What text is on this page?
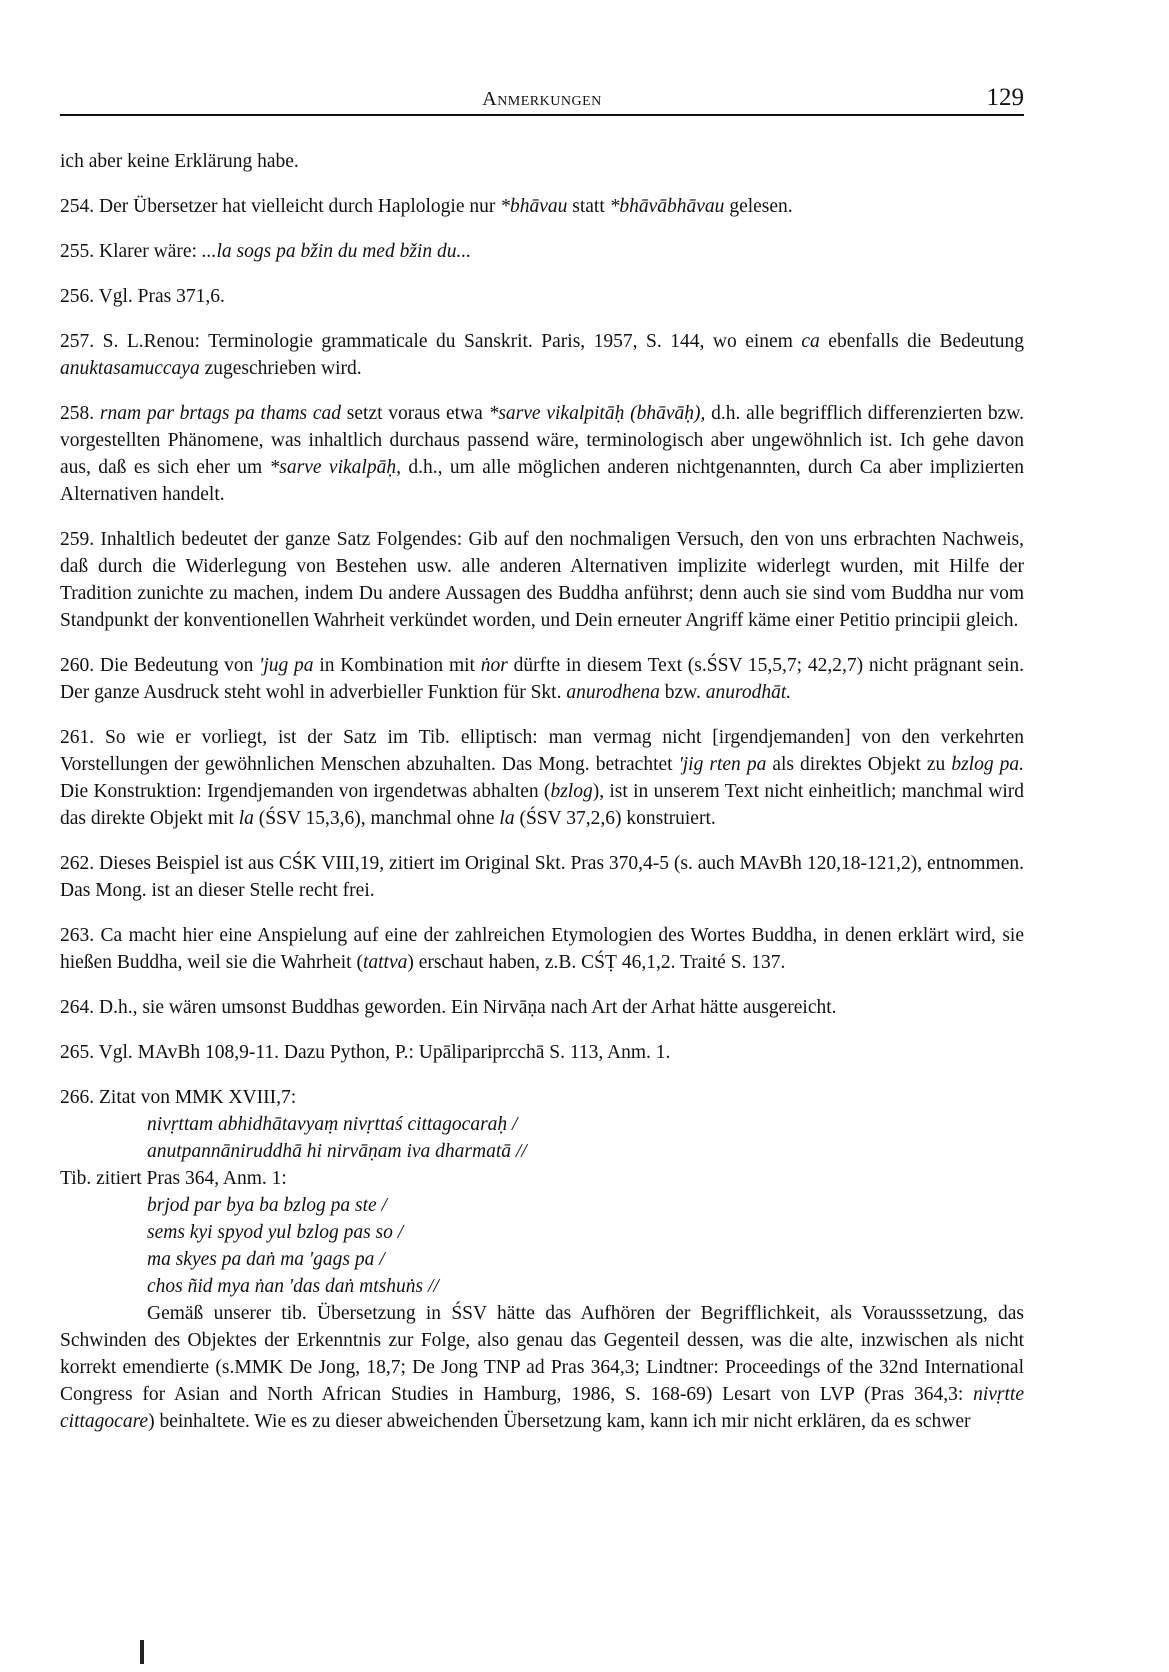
Anmerkungen	129

ich aber keine Erklärung habe.

254. Der Übersetzer hat vielleicht durch Haplologie nur *bhāvau statt *bhāvābhāvau gelesen.

255. Klarer wäre: ...la sogs pa bžin du med bžin du...

256. Vgl. Pras 371,6.

257. S. L.Renou: Terminologie grammaticale du Sanskrit. Paris, 1957, S. 144, wo einem ca ebenfalls die Bedeutung anuktasamuccaya zugeschrieben wird.

258. rnam par brtags pa thams cad setzt voraus etwa *sarve vikalpitāḥ (bhāvāḥ), d.h. alle begrifflich differenzierten bzw. vorgestellten Phänomene, was inhaltlich durchaus passend wäre, terminologisch aber ungewöhnlich ist. Ich gehe davon aus, daß es sich eher um *sarve vikalpāḥ, d.h., um alle möglichen anderen nichtgenannten, durch Ca aber implizierten Alternativen handelt.

259. Inhaltlich bedeutet der ganze Satz Folgendes: Gib auf den nochmaligen Versuch, den von uns erbrachten Nachweis, daß durch die Widerlegung von Bestehen usw. alle anderen Alternativen implizite widerlegt wurden, mit Hilfe der Tradition zunichte zu machen, indem Du andere Aussagen des Buddha anführst; denn auch sie sind vom Buddha nur vom Standpunkt der konventionellen Wahrheit verkündet worden, und Dein erneuter Angriff käme einer Petitio principii gleich.

260. Die Bedeutung von 'jug pa in Kombination mit ṅor dürfte in diesem Text (s.ŚSV 15,5,7; 42,2,7) nicht prägnant sein. Der ganze Ausdruck steht wohl in adverbieller Funktion für Skt. anurodhena bzw. anurodhāt.

261. So wie er vorliegt, ist der Satz im Tib. elliptisch: man vermag nicht [irgendjemanden] von den verkehrten Vorstellungen der gewöhnlichen Menschen abzuhalten. Das Mong. betrachtet 'jig rten pa als direktes Objekt zu bzlog pa. Die Konstruktion: Irgendjemanden von irgendetwas abhalten (bzlog), ist in unserem Text nicht einheitlich; manchmal wird das direkte Objekt mit la (ŚSV 15,3,6), manchmal ohne la (ŚSV 37,2,6) konstruiert.

262. Dieses Beispiel ist aus CŚK VIII,19, zitiert im Original Skt. Pras 370,4-5 (s. auch MAvBh 120,18-121,2), entnommen. Das Mong. ist an dieser Stelle recht frei.

263. Ca macht hier eine Anspielung auf eine der zahlreichen Etymologien des Wortes Buddha, in denen erklärt wird, sie hießen Buddha, weil sie die Wahrheit (tattva) erschaut haben, z.B. CŚṬ 46,1,2. Traité S. 137.

264. D.h., sie wären umsonst Buddhas geworden. Ein Nirvāṇa nach Art der Arhat hätte ausgereicht.

265. Vgl. MAvBh 108,9-11. Dazu Python, P.: Upālipariprcchā S. 113, Anm. 1.

266. Zitat von MMK XVIII,7:

nivṛttam abhidhātavyaṃ nivṛttaś cittagocaraḥ /
anutpannāniruddhā hi nirvāṇam iva dharmatā //

Tib. zitiert Pras 364, Anm. 1:

brjod par bya ba bzlog pa ste /
sems kyi spyod yul bzlog pas so /
ma skyes pa daṅ ma 'gags pa /
chos ñid mya ṅan 'das daṅ mtshuṅs //

Gemäß unserer tib. Übersetzung in ŚSV hätte das Aufhören der Begrifflichkeit, als Vorausssetzung, das Schwinden des Objektes der Erkenntnis zur Folge, also genau das Gegenteil dessen, was die alte, inzwischen als nicht korrekt emendierte (s.MMK De Jong, 18,7; De Jong TNP ad Pras 364,3; Lindtner: Proceedings of the 32nd International Congress for Asian and North African Studies in Hamburg, 1986, S. 168-69) Lesart von LVP (Pras 364,3: nivṛtte cittagocare) beinhaltete. Wie es zu dieser abweichenden Übersetzung kam, kann ich mir nicht erklären, da es schwer
